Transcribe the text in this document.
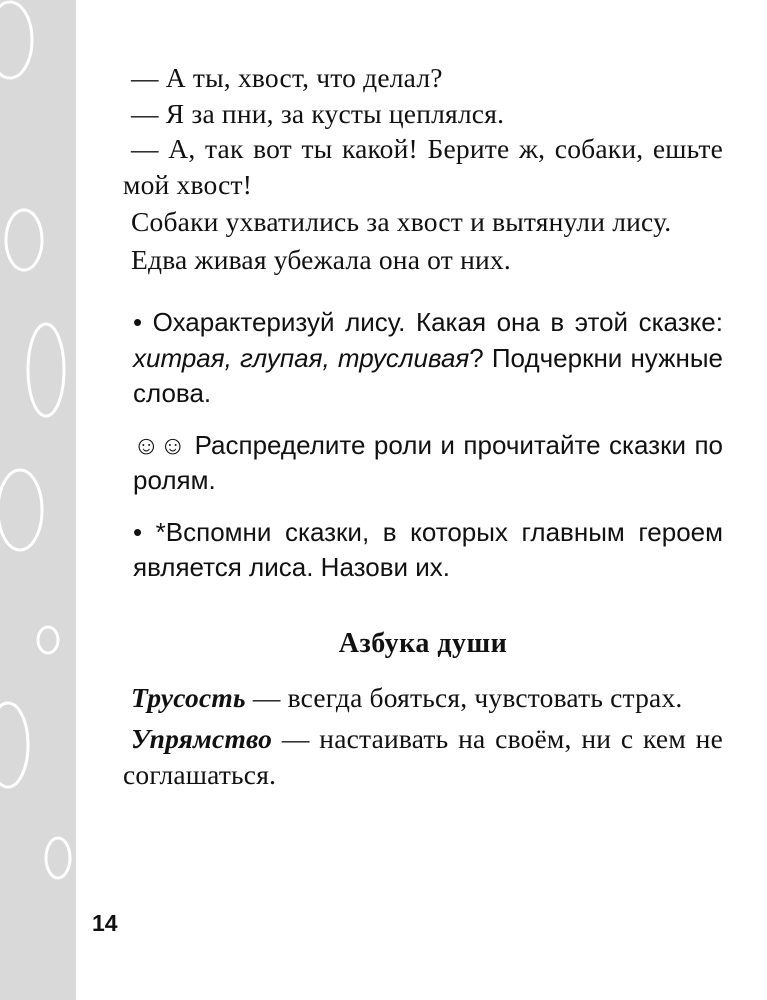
— А ты, хвост, что делал?

— Я за пни, за кусты цеплялся.

— А, так вот ты какой! Берите ж, собаки, ешьте мой хвост!

Собаки ухватились за хвост и вытянули лису.

Едва живая убежала она от них.

• Охарактеризуй лису. Какая она в этой сказке: хитрая, глупая, трусливая? Подчеркни нужные слова.

☺☺ Распределите роли и прочитайте сказки по ролям.

• *Вспомни сказки, в которых главным героем является лиса. Назови их.

Азбука души

Трусость — всегда бояться, чувстовать страх.

Упрямство — настаивать на своём, ни с кем не соглашаться.

14
